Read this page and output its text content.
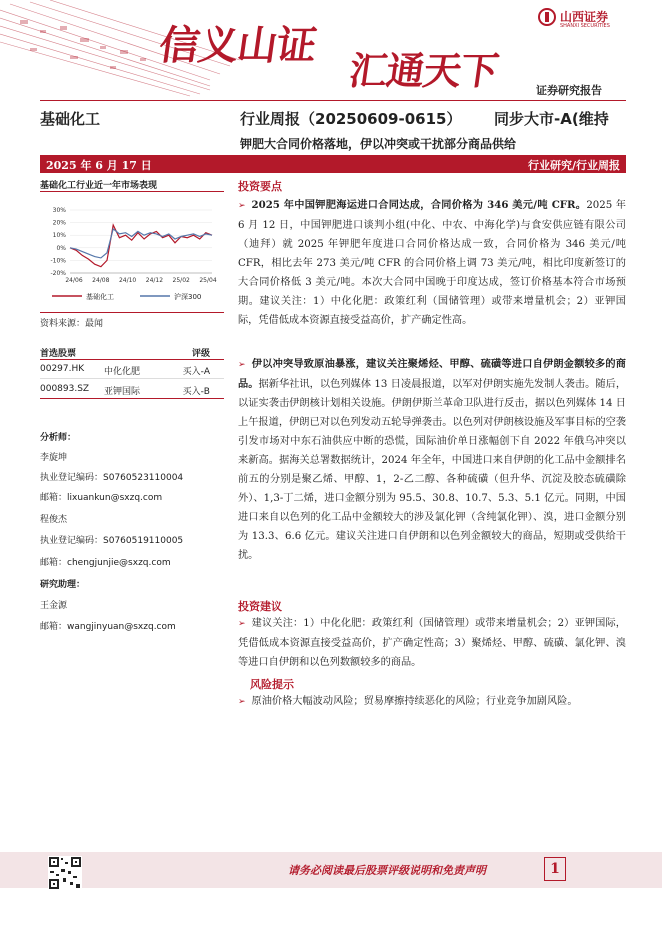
信义山证
汇通天下
山西证券
SHANXI SECURITIES
证券研究报告
基础化工	行业周报（20250609-0615） 同步大市-A(维持
钾肥大合同价格落地，伊以冲突或干扰部分商品供给
2025 年 6 月 17 日	行业研究/行业周报
基础化工行业近一年市场表现
30%
20%
10%
0%
-10%
-20%
24/06 24/08 24/10 24/12 25/02 25/04
基础化工	沪深300
资料来源：最闻
首选股票	评级
00297.HK 中化化肥	买入-A
000893.SZ 亚钾国际	买入-B
分析师：
李旋坤
执业登记编码：S0760523110004
邮箱：lixuankun@sxzq.com
程俊杰
执业登记编码：S0760519110005
邮箱：chengjunjie@sxzq.com
研究助理：
王金源
邮箱：wangjinyuan@sxzq.com
投资要点
➢ 2025 年中国钾肥海运进口合同达成，合同价格为 346 美元/吨 CFR。2025 年 6 月 12 日，中国钾肥进口谈判小组(中化、中农、中海化学)与食安供应链有限公司（迪拜）就 2025 年钾肥年度进口合同价格达成一致，合同价格为 346 美元/吨 CFR，相比去年 273 美元/吨 CFR 的合同价格上调 73 美元/吨，相比印度新签订的大合同价格低 3 美元/吨。本次大合同中国晚于印度达成，签订价格基本符合市场预期。建议关注：1）中化化肥：政策红利（国储管理）或带来增量机会；2）亚钾国际，凭借低成本资源直接受益高价，扩产确定性高。
➢ 伊以冲突导致原油暴涨，建议关注聚烯烃、甲醇、硫磺等进口自伊朗金额较多的商品。据新华社讯，以色列媒体 13 日凌晨报道，以军对伊朗实施先发制人袭击。随后，以证实袭击伊朗核计划相关设施。伊朗伊斯兰革命卫队进行反击，据以色列媒体 14 日上午报道，伊朗已对以色列发动五轮导弹袭击。以色列对伊朗核设施及军事目标的空袭引发市场对中东石油供应中断的恐慌，国际油价单日涨幅创下自 2022 年俄乌冲突以来新高。据海关总署数据统计，2024 年全年，中国进口来自伊朗的化工品中金额排名前五的分别是聚乙烯、甲醇、1，2-乙二醇、各种硫磺（但升华、沉淀及胶态硫磺除外）、1,3-丁二烯，进口金额分别为 95.5、30.8、10.7、5.3、5.1 亿元。同期，中国进口来自以色列的化工品中金额较大的涉及氯化钾（含纯氯化钾）、溴，进口金额分别为 13.3、6.6 亿元。建议关注进口自伊朗和以色列金额较大的商品，短期或受供给干扰。
投资建议
➢ 建议关注：1）中化化肥：政策红利（国储管理）或带来增量机会；2）亚钾国际，凭借低成本资源直接受益高价，扩产确定性高；3）聚烯烃、甲醇、硫磺、氯化钾、溴等进口自伊朗和以色列数额较多的商品。
风险提示
➢ 原油价格大幅波动风险；贸易摩擦持续恶化的风险；行业竞争加剧风险。
请务必阅读最后股票评级说明和免责声明	1
